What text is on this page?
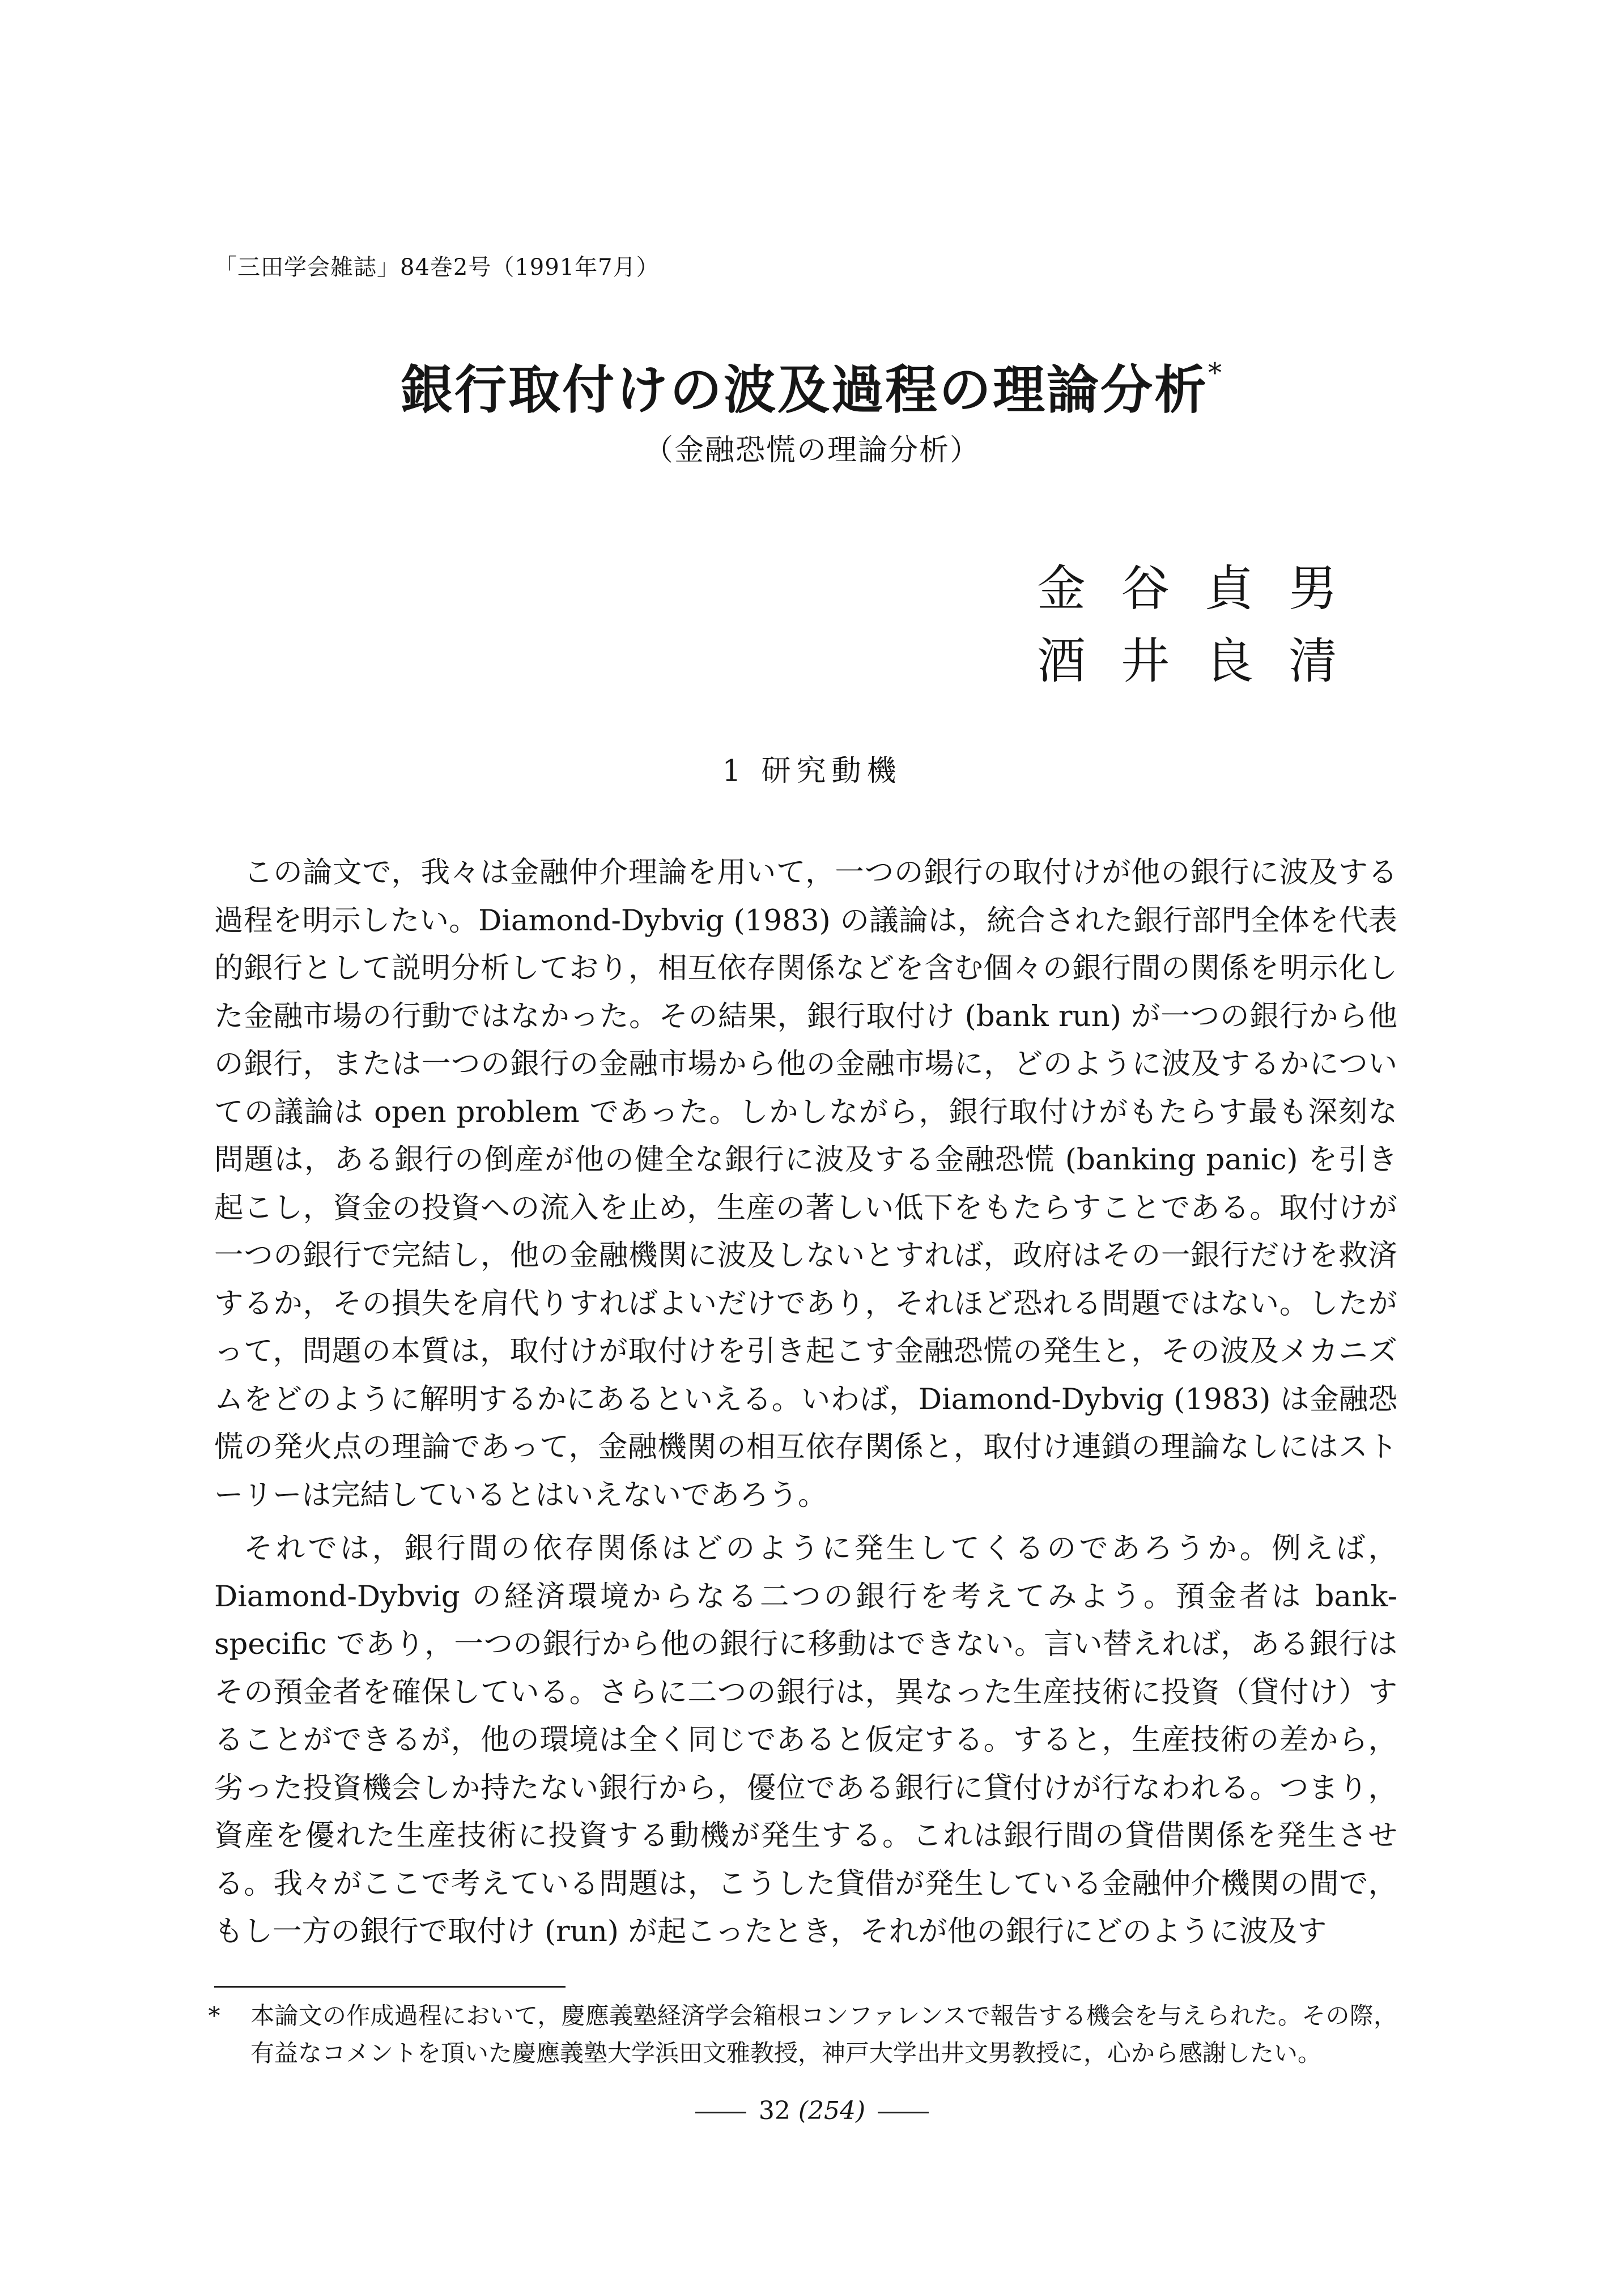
「三田学会雑誌」84巻2号（1991年7月）
銀行取付けの波及過程の理論分析*
（金融恐慌の理論分析）
金谷貞男
酒井良清
1 研究動機

この論文で，我々は金融仲介理論を用いて，一つの銀行の取付けが他の銀行に波及する過程を明示したい。Diamond-Dybvig (1983) の議論は，統合された銀行部門全体を代表的銀行として説明分析しており，相互依存関係などを含む個々の銀行間の関係を明示化した金融市場の行動ではなかった。その結果，銀行取付け (bank run) が一つの銀行から他の銀行，または一つの銀行の金融市場から他の金融市場に，どのように波及するかについての議論は open problem であった。しかしながら，銀行取付けがもたらす最も深刻な問題は，ある銀行の倒産が他の健全な銀行に波及する金融恐慌 (banking panic) を引き起こし，資金の投資への流入を止め，生産の著しい低下をもたらすことである。取付けが一つの銀行で完結し，他の金融機関に波及しないとすれば，政府はその一銀行だけを救済するか，その損失を肩代りすればよいだけであり，それほど恐れる問題ではない。したがって，問題の本質は，取付けが取付けを引き起こす金融恐慌の発生と，その波及メカニズムをどのように解明するかにあるといえる。いわば，Diamond-Dybvig (1983) は金融恐慌の発火点の理論であって，金融機関の相互依存関係と，取付け連鎖の理論なしにはストーリーは完結しているとはいえないであろう。

それでは，銀行間の依存関係はどのように発生してくるのであろうか。例えば，Diamond-Dybvig の経済環境からなる二つの銀行を考えてみよう。預金者は bank-specific であり，一つの銀行から他の銀行に移動はできない。言い替えれば，ある銀行はその預金者を確保している。さらに二つの銀行は，異なった生産技術に投資（貸付け）することができるが，他の環境は全く同じであると仮定する。すると，生産技術の差から，劣った投資機会しか持たない銀行から，優位である銀行に貸付けが行なわれる。つまり，資産を優れた生産技術に投資する動機が発生する。これは銀行間の貸借関係を発生させる。我々がここで考えている問題は，こうした貸借が発生している金融仲介機関の間で，もし一方の銀行で取付け (run) が起こったとき，それが他の銀行にどのように波及す

* 本論文の作成過程において，慶應義塾経済学会箱根コンファレンスで報告する機会を与えられた。その際，有益なコメントを頂いた慶應義塾大学浜田文雅教授，神戸大学出井文男教授に，心から感謝したい。
32 (254)
